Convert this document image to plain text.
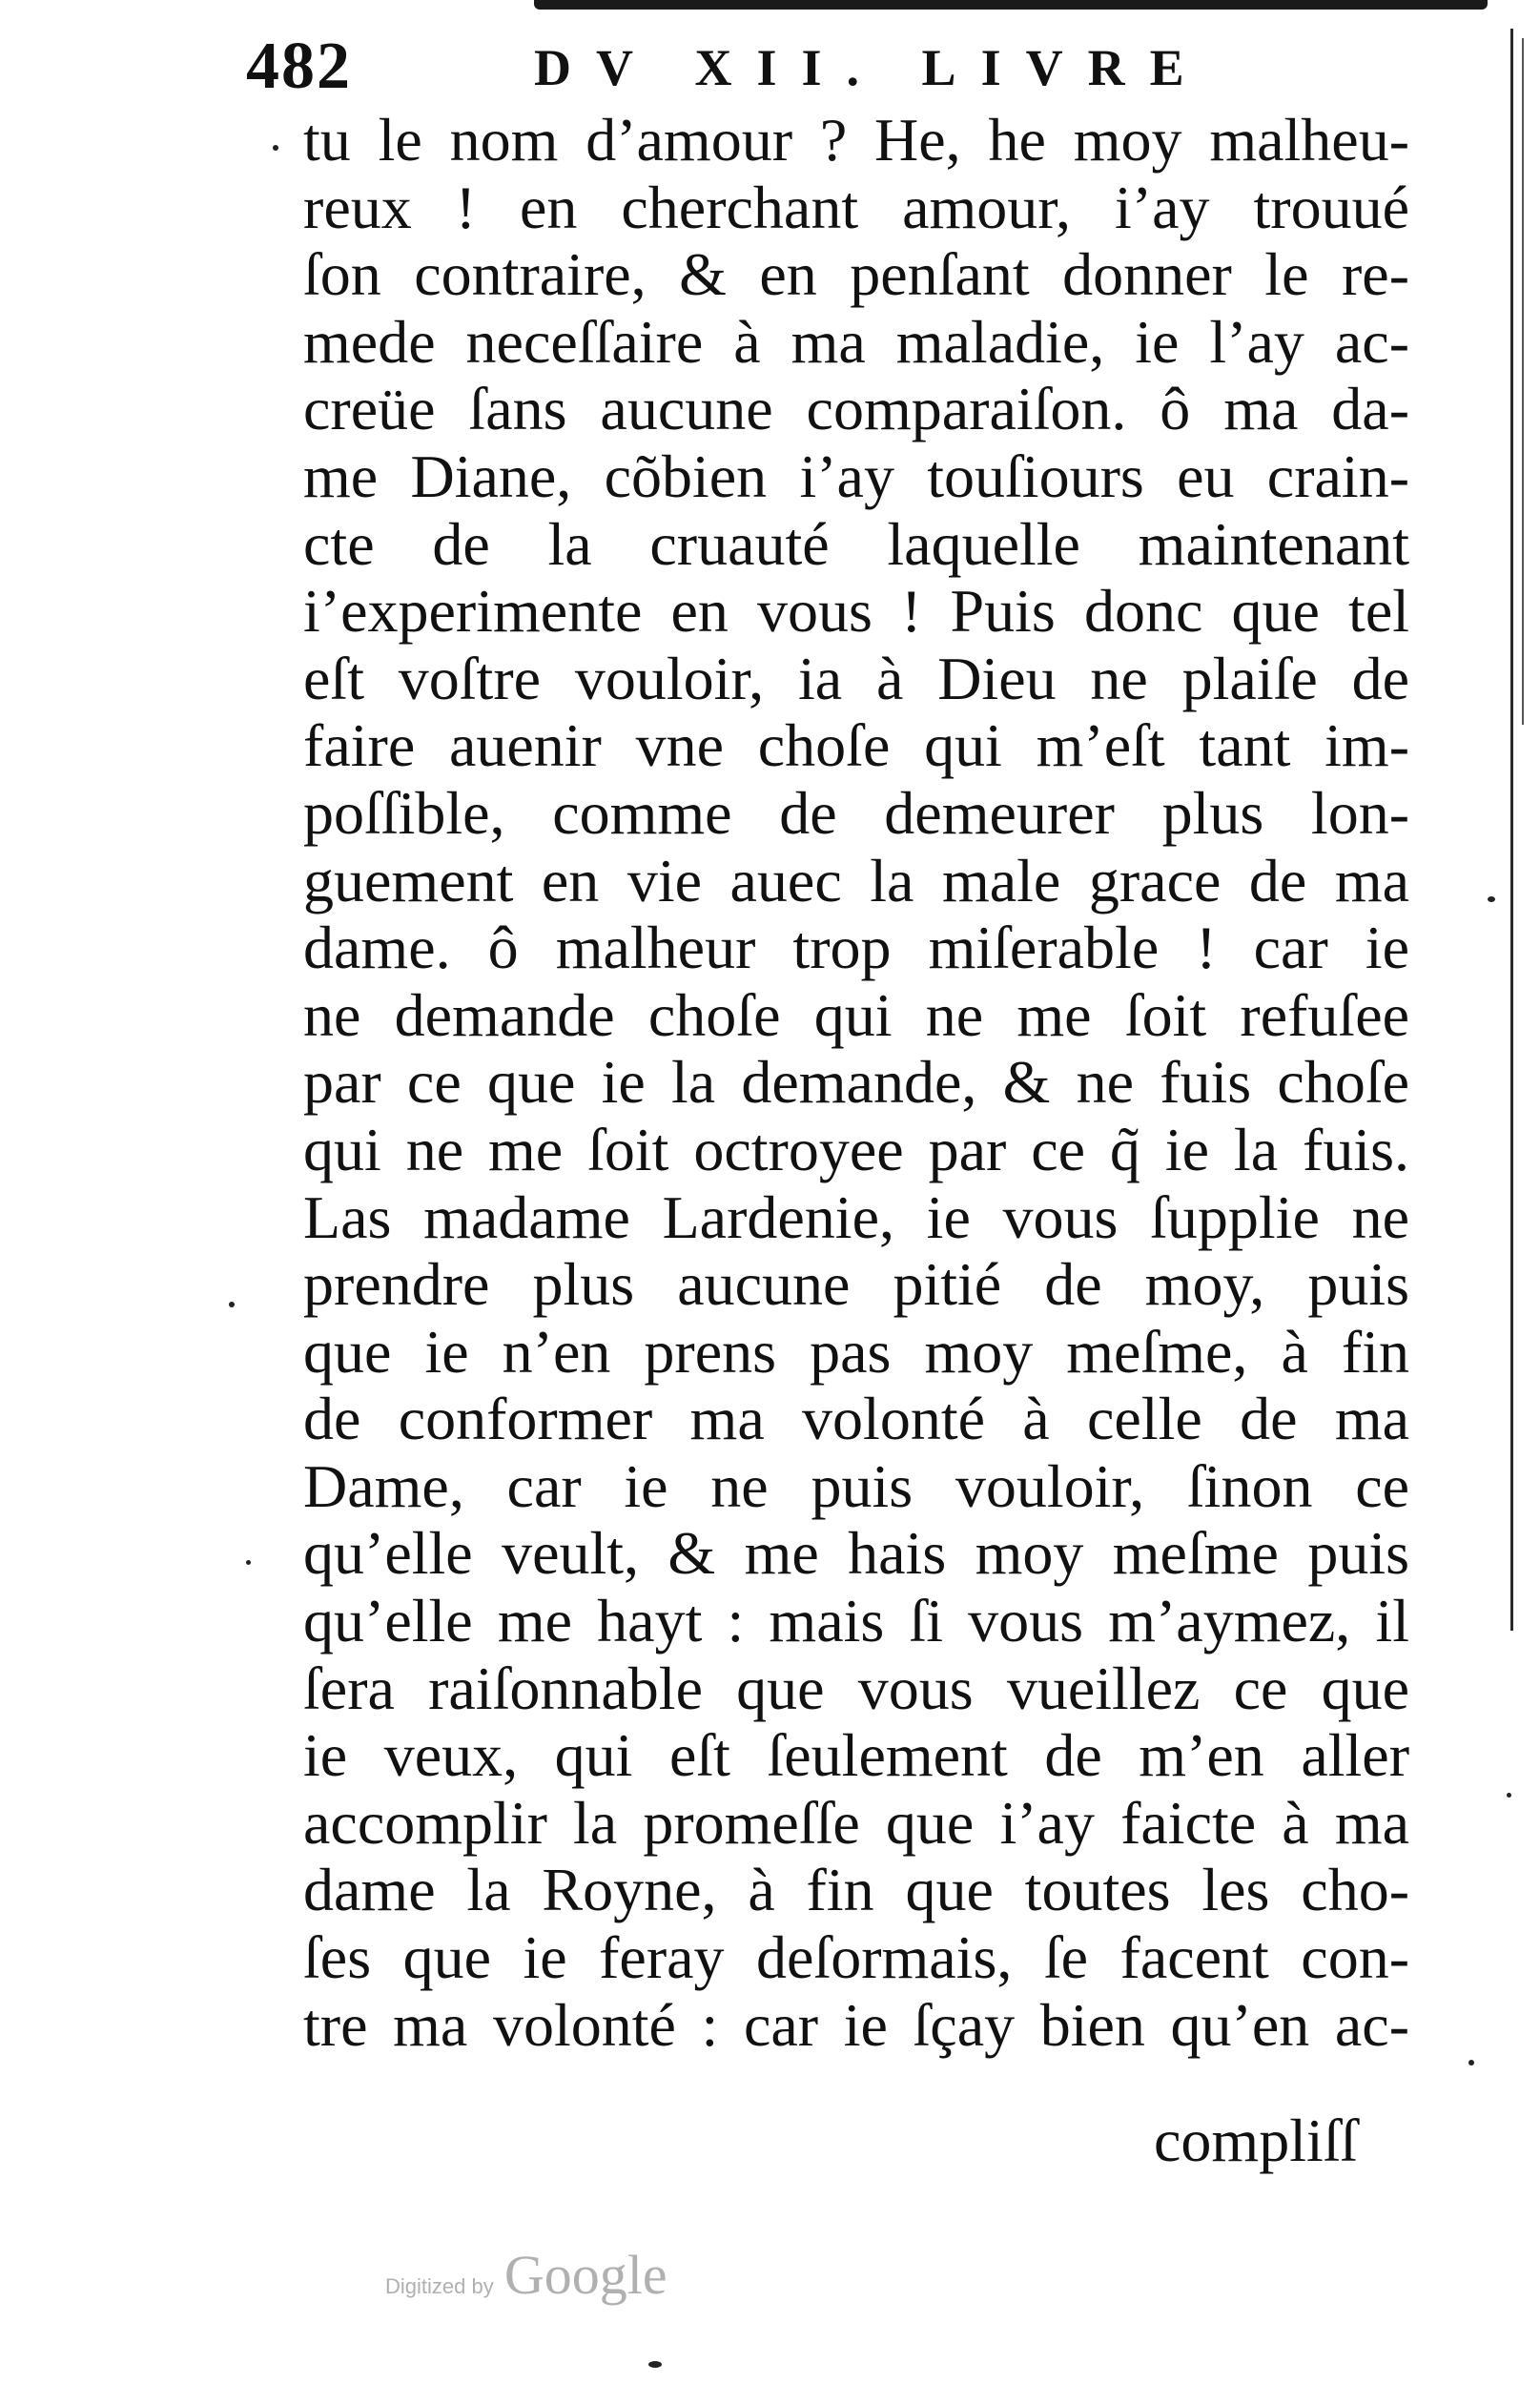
482	DV XII. LIVRE
tu le nom d’amour ? He, he moy malheu-
reux ! en cherchant amour, i’ay trouué
ſon contraire, & en penſant donner le re-
mede neceſſaire à ma maladie, ie l’ay ac-
creüe ſans aucune comparaiſon. ô ma da-
me Diane, cõbien i’ay touſiours eu crain-
cte de la cruauté laquelle maintenant
i’experimente en vous ! Puis donc que tel
eſt voſtre vouloir, ia à Dieu ne plaiſe de
faire auenir vne choſe qui m’eſt tant im-
poſſible, comme de demeurer plus lon-
guement en vie auec la male grace de ma
dame. ô malheur trop miſerable ! car ie
ne demande choſe qui ne me ſoit refuſee
par ce que ie la demande, & ne fuis choſe
qui ne me ſoit octroyee par ce q̃ ie la fuis.
Las madame Lardenie, ie vous ſupplie ne
prendre plus aucune pitié de moy, puis
que ie n’en prens pas moy meſme, à fin
de conformer ma volonté à celle de ma
Dame, car ie ne puis vouloir, ſinon ce
qu’elle veult, & me hais moy meſme puis
qu’elle me hayt : mais ſi vous m’aymez, il
ſera raiſonnable que vous vueillez ce que
ie veux, qui eſt ſeulement de m’en aller
accomplir la promeſſe que i’ay faicte à ma
dame la Royne, à fin que toutes les cho-
ſes que ie feray deſormais, ſe facent con-
tre ma volonté : car ie ſçay bien qu’en ac-
compliſſ
Digitized by Google
